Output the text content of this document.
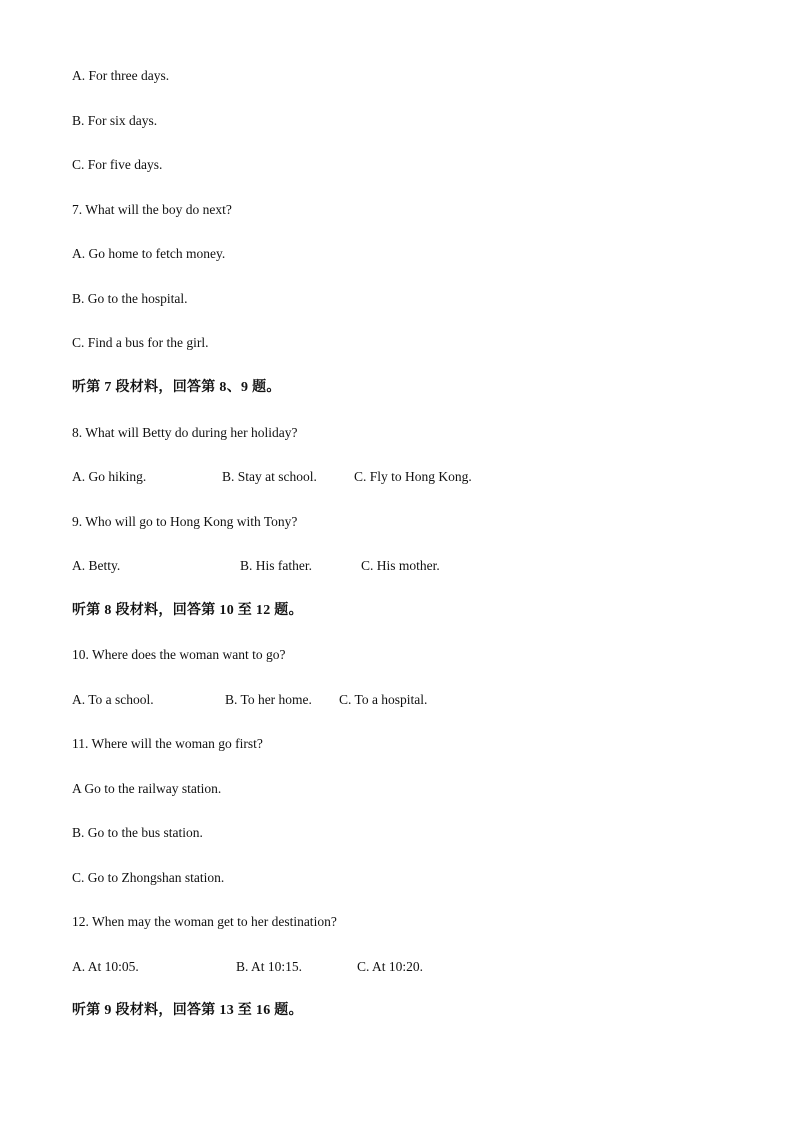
A. For three days.
B. For six days.
C. For five days.
7. What will the boy do next?
A. Go home to fetch money.
B. Go to the hospital.
C. Find a bus for the girl.
听第 7 段材料，回答第 8、9 题。
8. What will Betty do during her holiday?
A. Go hiking.	B. Stay at school.	C. Fly to Hong Kong.
9. Who will go to Hong Kong with Tony?
A. Betty.	B. His father.	C. His mother.
听第 8 段材料，回答第 10 至 12 题。
10. Where does the woman want to go?
A. To a school.	B. To her home. C. To a hospital.
11. Where will the woman go first?
A Go to the railway station.
B. Go to the bus station.
C. Go to Zhongshan station.
12. When may the woman get to her destination?
A. At 10:05.	B. At 10:15.	C. At 10:20.
听第 9 段材料，回答第 13 至 16 题。
